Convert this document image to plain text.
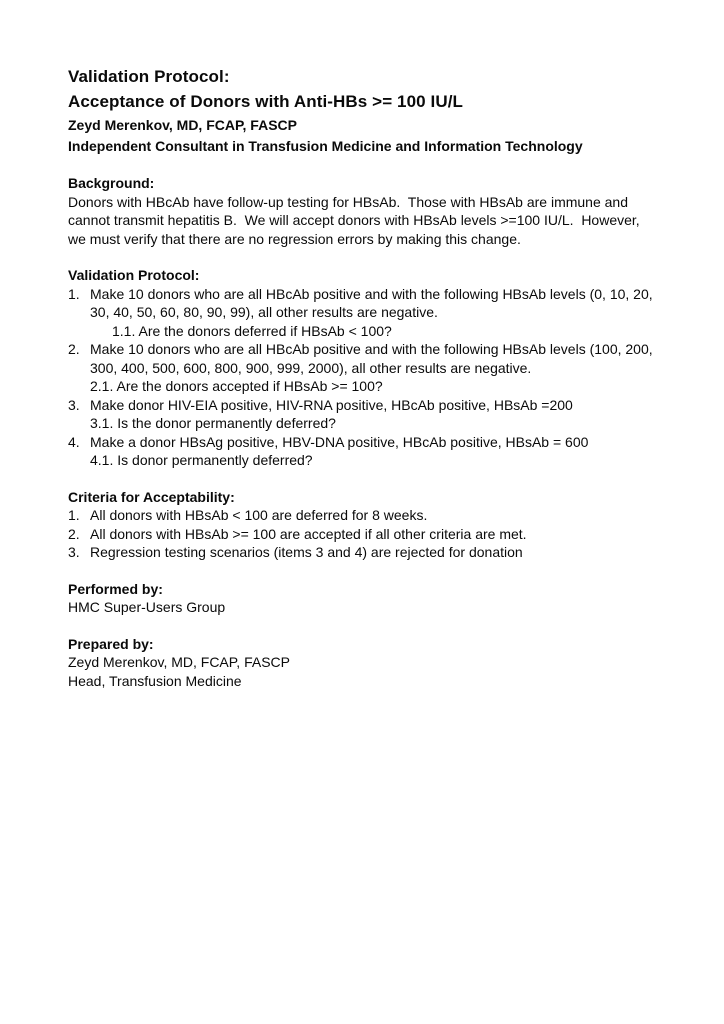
Validation Protocol:
Acceptance of Donors with Anti-HBs >= 100 IU/L
Zeyd Merenkov, MD, FCAP, FASCP
Independent Consultant in Transfusion Medicine and Information Technology
Background:
Donors with HBcAb have follow-up testing for HBsAb.  Those with HBsAb are immune and cannot transmit hepatitis B.  We will accept donors with HBsAb levels >=100 IU/L.  However, we must verify that there are no regression errors by making this change.
Validation Protocol:
1. Make 10 donors who are all HBcAb positive and with the following HBsAb levels (0, 10, 20, 30, 40, 50, 60, 80, 90, 99), all other results are negative.
1.1. Are the donors deferred if HBsAb < 100?
2. Make 10 donors who are all HBcAb positive and with the following HBsAb levels (100, 200, 300, 400, 500, 600, 800, 900, 999, 2000), all other results are negative.
2.1. Are the donors accepted if HBsAb >= 100?
3. Make donor HIV-EIA positive, HIV-RNA positive, HBcAb positive, HBsAb =200
3.1. Is the donor permanently deferred?
4. Make a donor HBsAg positive, HBV-DNA positive, HBcAb positive, HBsAb = 600
4.1. Is donor permanently deferred?
Criteria for Acceptability:
1. All donors with HBsAb < 100 are deferred for 8 weeks.
2. All donors with HBsAb >= 100 are accepted if all other criteria are met.
3. Regression testing scenarios (items 3 and 4) are rejected for donation
Performed by:
HMC Super-Users Group
Prepared by:
Zeyd Merenkov, MD, FCAP, FASCP
Head, Transfusion Medicine
